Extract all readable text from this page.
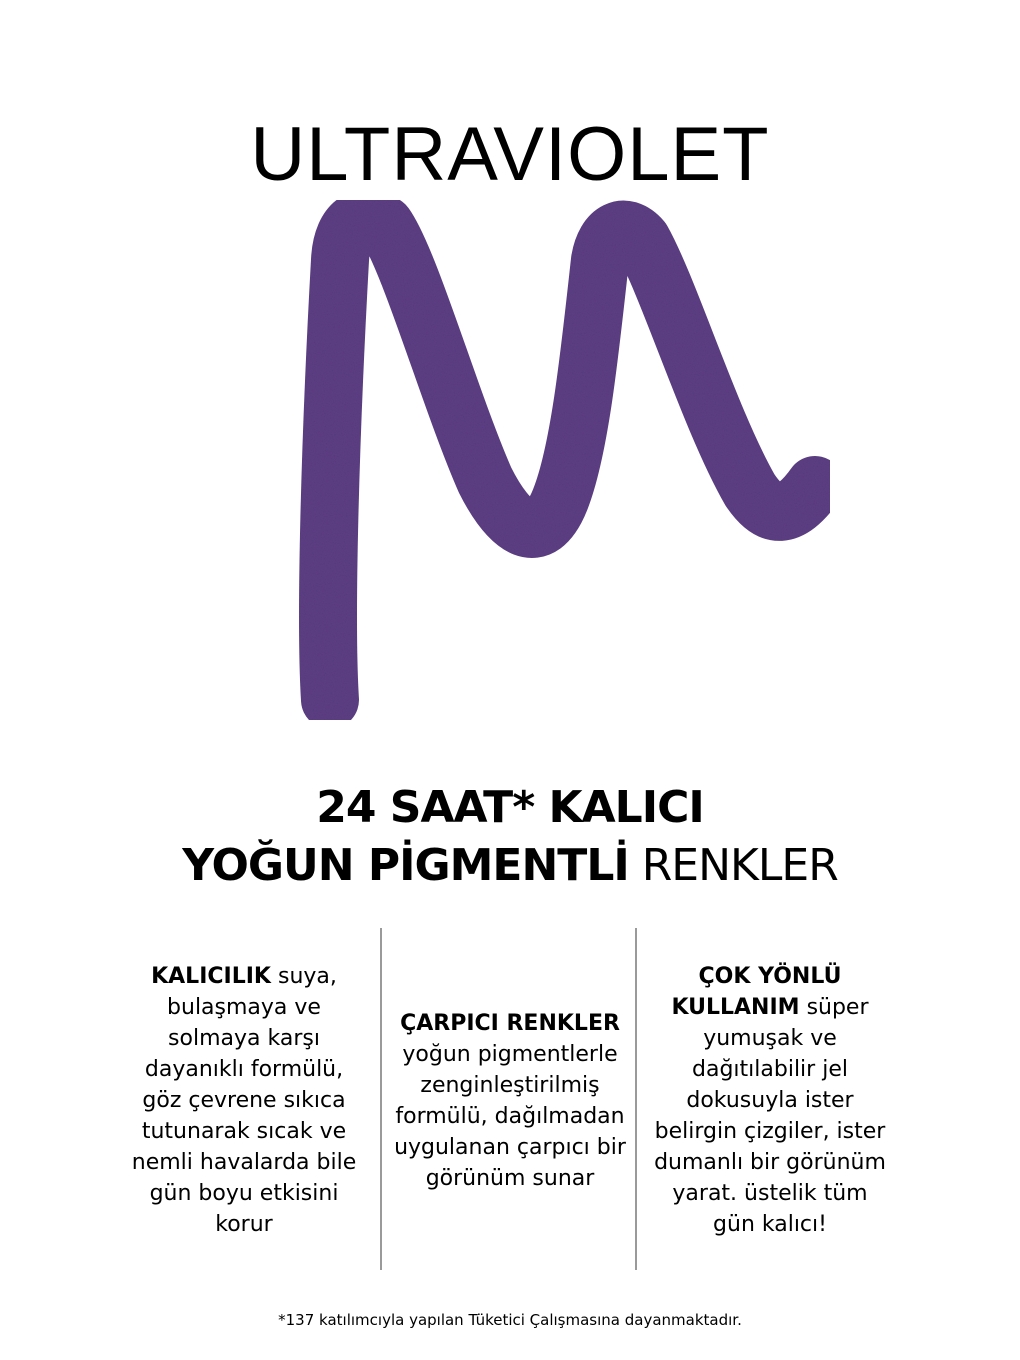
ULTRAVIOLET
24 SAAT* KALICI
YOĞUN PİGMENTLİ RENKLER
KALICILIK suya, bulaşmaya ve solmaya karşı dayanıklı formülü, göz çevrene sıkıca tutunarak sıcak ve nemli havalarda bile gün boyu etkisini korur
ÇARPICI RENKLER yoğun pigmentlerle zenginleştirilmiş formülü, dağılmadan uygulanan çarpıcı bir görünüm sunar
ÇOK YÖNLÜ KULLANIM süper yumuşak ve dağıtılabilir jel dokusuyla ister belirgin çizgiler, ister dumanlı bir görünüm yarat. üstelik tüm gün kalıcı!
*137 katılımcıyla yapılan Tüketici Çalışmasına dayanmaktadır.
